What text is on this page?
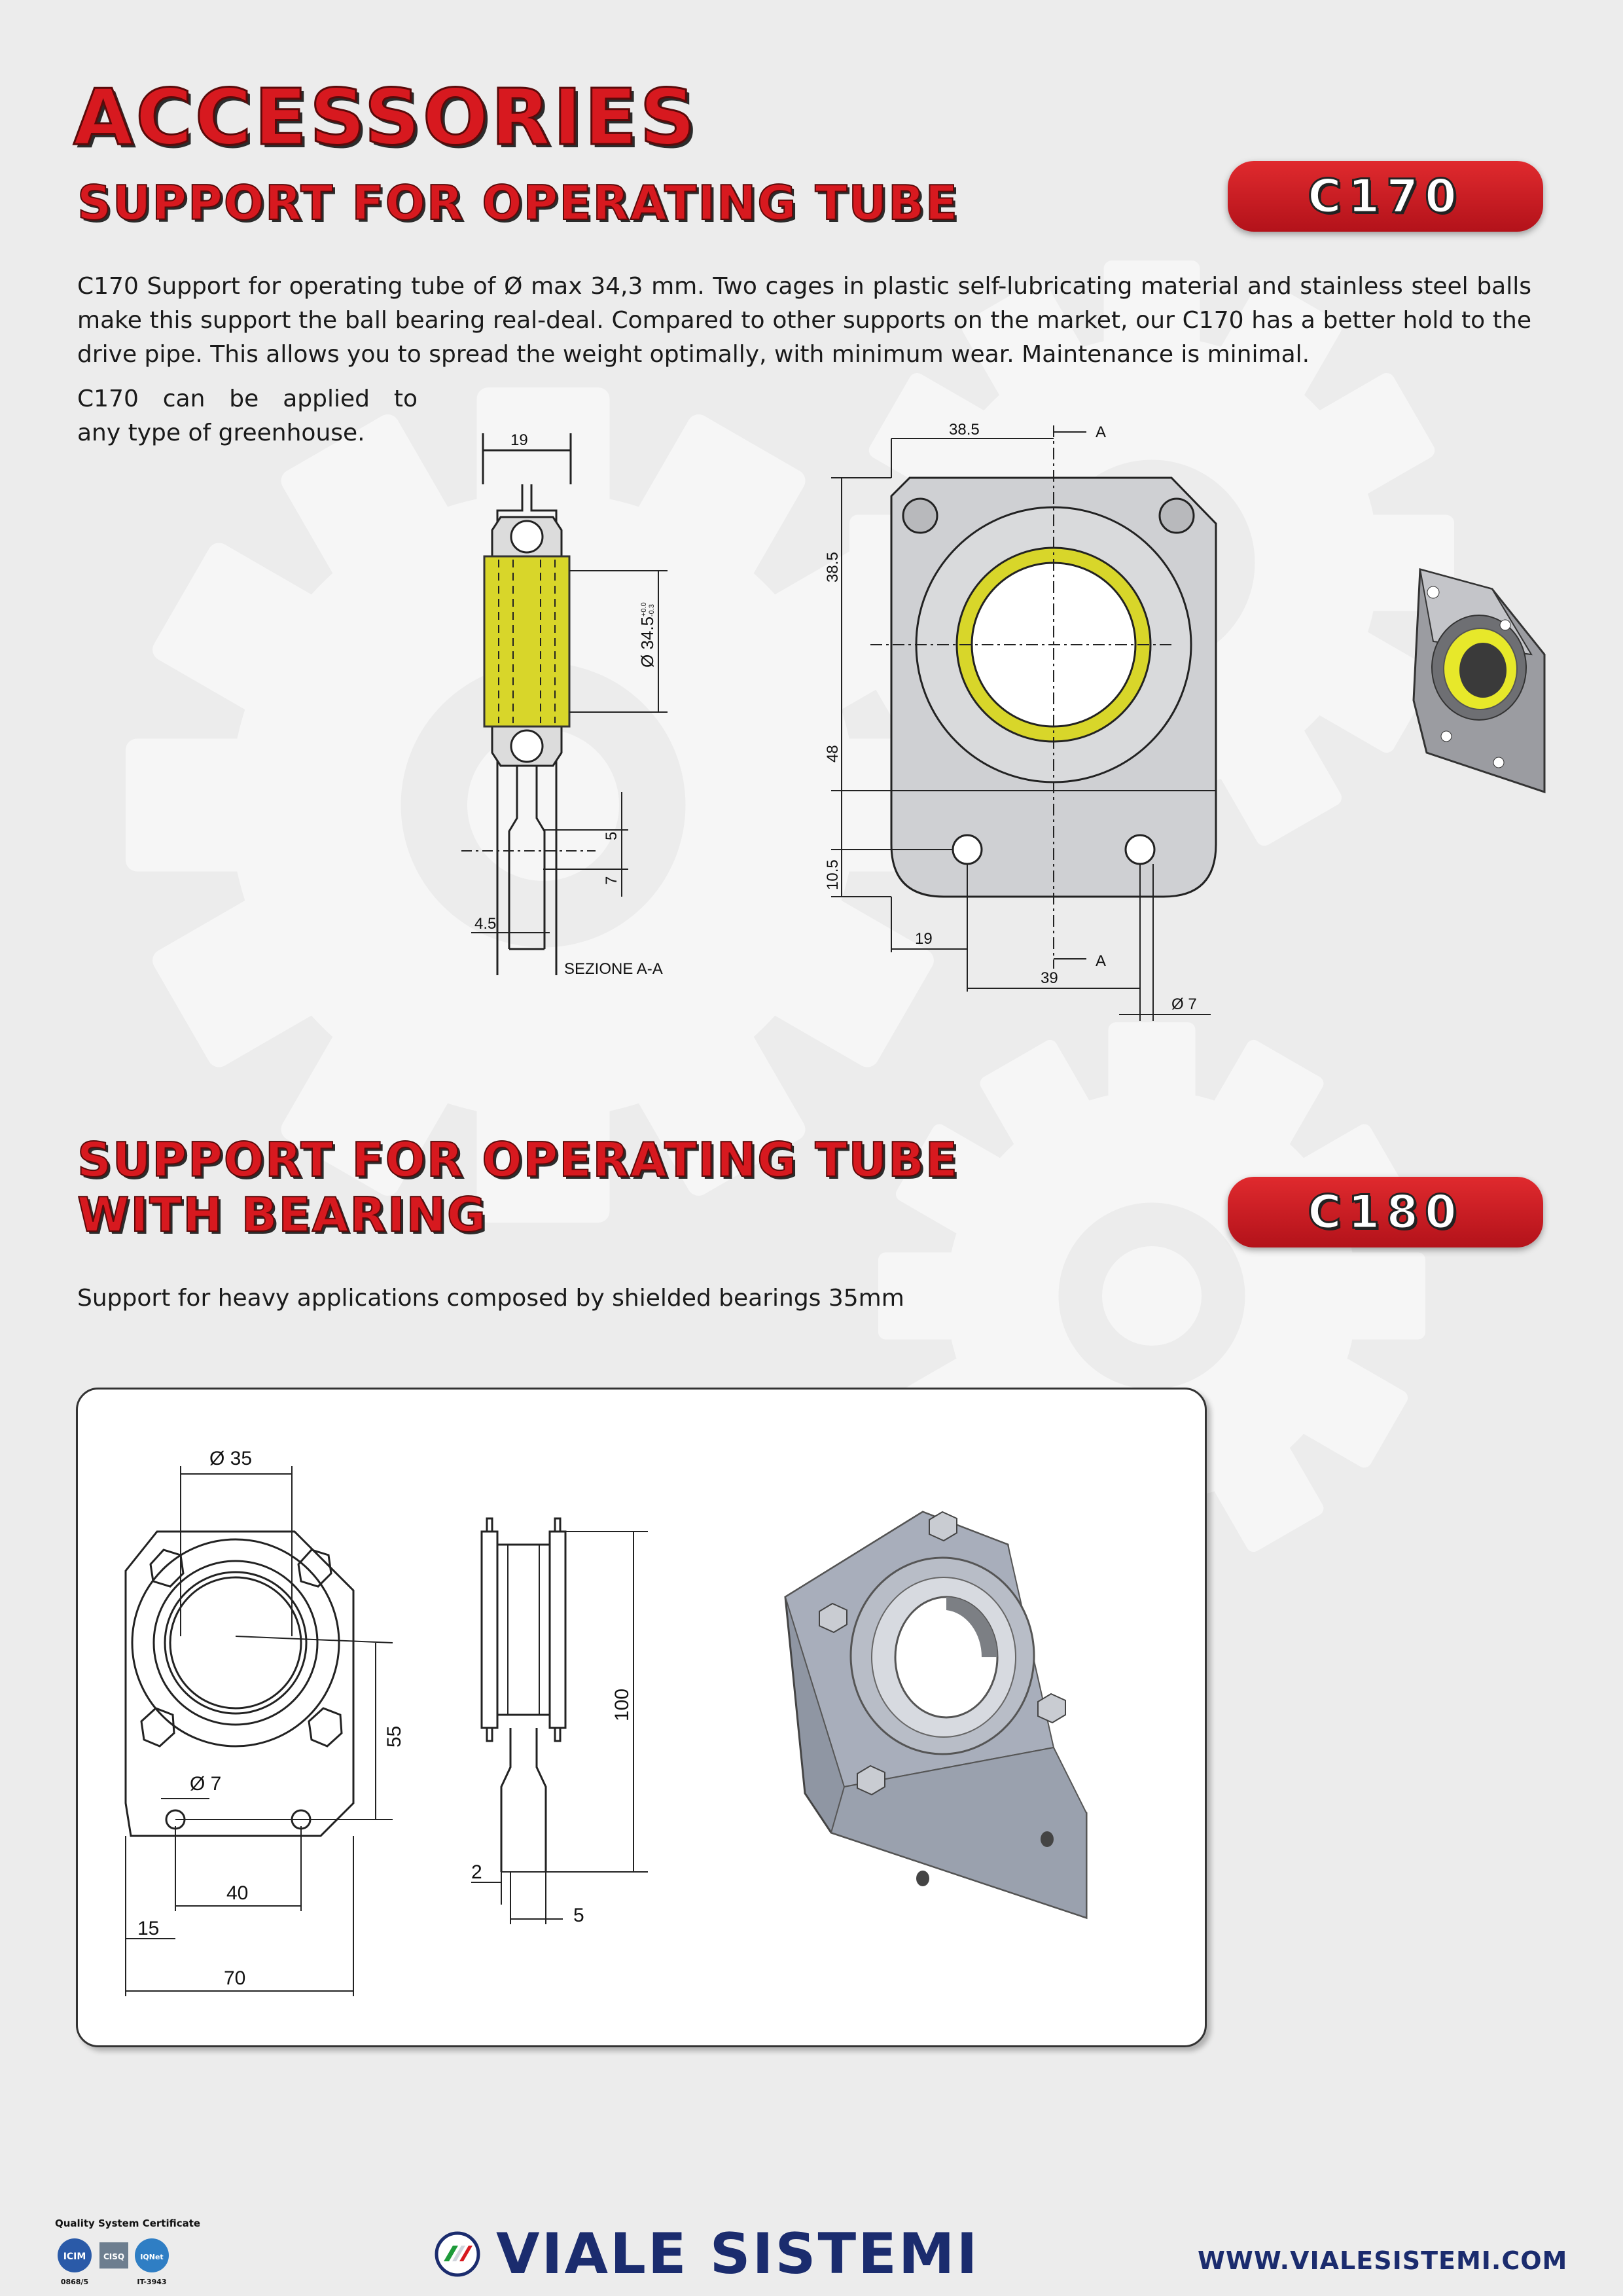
ACCESSORIES
SUPPORT FOR OPERATING TUBE	C170
C170 Support for operating tube of Ø max 34,3 mm. Two cages in plastic self-lubricating material and stainless steel balls make this support the ball bearing real-deal. Compared to other supports on the market, our C170 has a better hold to the drive pipe. This allows you to spread the weight optimally, with minimum wear. Maintenance is minimal.
C170 can be applied to
any type of greenhouse.	19
Ø 34.5
+0.0 -0.3
5
7
4.5
SEZIONE A-A
38.5	A
38.5
48
10.5
19
A
39
Ø 7
SUPPORT FOR OPERATING TUBE
WITH BEARING	C180
Support for heavy applications composed by shielded bearings 35mm
Ø 35
Ø 7
55
40
15
70
100
2
5
Quality System Certificate
ICIM
0868/5
CISQ IQNet
IT-3943	VIALE SISTEMI	WWW.VIALESISTEMI.COM
